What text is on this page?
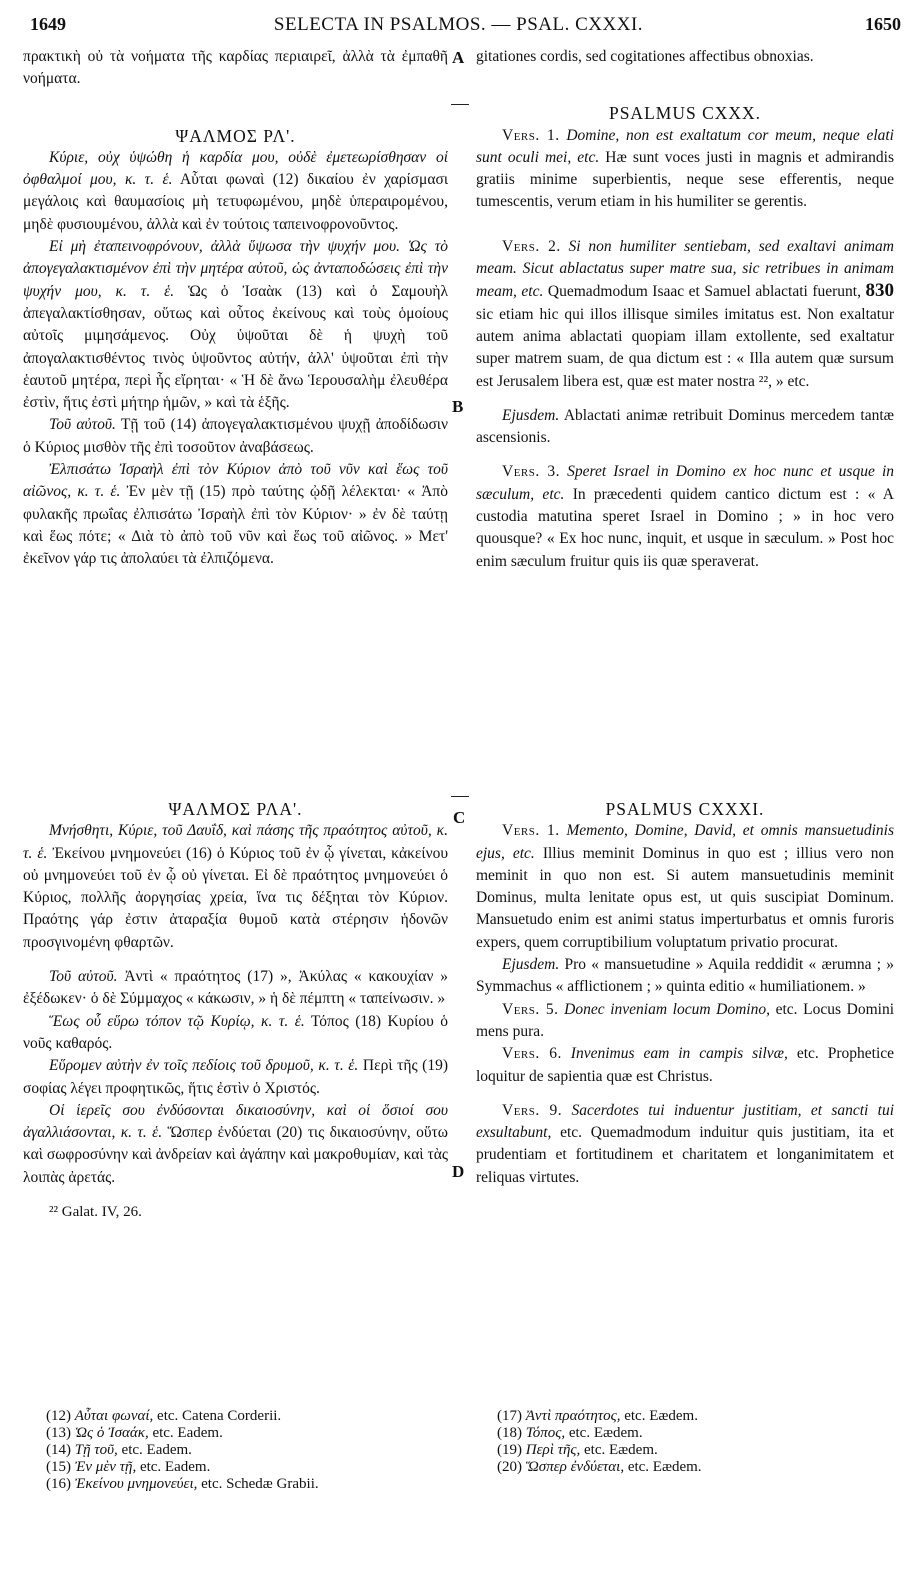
1649	SELECTA IN PSALMOS. — PSAL. CXXXI.	1650
A
B
C
D

πρακτικὴ οὐ τὰ νοήματα τῆς καρδίας περιαιρεῖ, ἀλλὰ τὰ ἐμπαθῆ νοήματα.

ΨΑΛΜΟΣ ΡΛ'.

Κύριε, οὐχ ὑψώθη ἡ καρδία μου, οὐδὲ ἐμετεωρίσθησαν οἱ ὀφθαλμοί μου, κ. τ. ἑ. Αὗται φωναὶ (12) δικαίου ἐν χαρίσμασι μεγάλοις καὶ θαυμασίοις μὴ τετυφωμένου, μηδὲ ὑπεραιρομένου, μηδὲ φυσιουμένου, ἀλλὰ καὶ ἐν τούτοις ταπεινοφρονοῦντος.

Εἰ μὴ ἐταπεινοφρόνουν, ἀλλὰ ὕψωσα τὴν ψυχήν μου. Ὡς τὸ ἀπογεγαλακτισμένον ἐπὶ τὴν μητέρα αὐτοῦ, ὡς ἀνταποδώσεις ἐπὶ τὴν ψυχήν μου, κ. τ. ἑ. Ὡς ὁ Ἰσαὰκ (13) καὶ ὁ Σαμουὴλ ἀπεγαλακτίσθησαν, οὕτως καὶ οὗτος ἐκείνους καὶ τοὺς ὁμοίους αὐτοῖς μιμησάμενος. Οὐχ ὑψοῦται δὲ ἡ ψυχὴ τοῦ ἀπογαλακτισθέντος τινὸς ὑψοῦντος αὐτήν, ἀλλ' ὑψοῦται ἐπὶ τὴν ἑαυτοῦ μητέρα, περὶ ἧς εἴρηται· « Ἡ δὲ ἄνω Ἱερουσαλὴμ ἐλευθέρα ἐστὶν, ἥτις ἐστὶ μήτηρ ἡμῶν, » καὶ τὰ ἑξῆς.

Τοῦ αὐτοῦ. Τῇ τοῦ (14) ἀπογεγαλακτισμένου ψυχῇ ἀποδίδωσιν ὁ Κύριος μισθὸν τῆς ἐπὶ τοσοῦτον ἀναβάσεως.

Ἐλπισάτω Ἰσραὴλ ἐπὶ τὸν Κύριον ἀπὸ τοῦ νῦν καὶ ἕως τοῦ αἰῶνος, κ. τ. ἑ. Ἐν μὲν τῇ (15) πρὸ ταύτης ᾠδῇ λέλεκται· « Ἀπὸ φυλακῆς πρωΐας ἐλπισάτω Ἰσραὴλ ἐπὶ τὸν Κύριον· » ἐν δὲ ταύτῃ καὶ ἕως πότε; « Διὰ τὸ ἀπὸ τοῦ νῦν καὶ ἕως τοῦ αἰῶνος. » Μετ' ἐκεῖνον γάρ τις ἀπολαύει τὰ ἐλπιζόμενα.

ΨΑΛΜΟΣ ΡΛΑ'.

Μνήσθητι, Κύριε, τοῦ Δαυΐδ, καὶ πάσης τῆς πραότητος αὐτοῦ, κ. τ. ἑ. Ἐκείνου μνημονεύει (16) ὁ Κύριος τοῦ ἐν ᾧ γίνεται, κἀκείνου οὐ μνημονεύει τοῦ ἐν ᾧ οὐ γίνεται. Εἰ δὲ πραότητος μνημονεύει ὁ Κύριος, πολλῆς ἀοργησίας χρεία, ἵνα τις δέξηται τὸν Κύριον. Πραότης γάρ ἐστιν ἀταραξία θυμοῦ κατὰ στέρησιν ἡδονῶν προσγινομένη φθαρτῶν.

Τοῦ αὐτοῦ. Ἀντὶ « πραότητος (17) », Ἀκύλας « κακουχίαν » ἐξέδωκεν· ὁ δὲ Σύμμαχος « κάκωσιν, » ἡ δὲ πέμπτη « ταπείνωσιν. »

Ἕως οὗ εὕρω τόπον τῷ Κυρίῳ, κ. τ. ἑ. Τόπος (18) Κυρίου ὁ νοῦς καθαρός.

Εὕρομεν αὐτὴν ἐν τοῖς πεδίοις τοῦ δρυμοῦ, κ. τ. ἑ. Περὶ τῆς (19) σοφίας λέγει προφητικῶς, ἥτις ἐστὶν ὁ Χριστός.

Οἱ ἱερεῖς σου ἐνδύσονται δικαιοσύνην, καὶ οἱ ὅσιοί σου ἀγαλλιάσονται, κ. τ. ἑ. Ὥσπερ ἐνδύεται (20) τις δικαιοσύνην, οὕτω καὶ σωφροσύνην καὶ ἀνδρείαν καὶ ἀγάπην καὶ μακροθυμίαν, καὶ τὰς λοιπὰς ἀρετάς.

²² Galat. IV, 26.

gitationes cordis, sed cogitationes affectibus obnoxias.

PSALMUS CXXX.

Vers. 1. Domine, non est exaltatum cor meum, neque elati sunt oculi mei, etc. Hæ sunt voces justi in magnis et admirandis gratiis minime superbientis, neque sese efferentis, neque tumescentis, verum etiam in his humiliter se gerentis.

Vers. 2. Si non humiliter sentiebam, sed exaltavi animam meam. Sicut ablactatus super matre sua, sic retribues in animam meam, etc. Quemadmodum Isaac et Samuel ablactati fuerunt, 830 sic etiam hic qui illos illisque similes imitatus est. Non exaltatur autem anima ablactati quopiam illam extollente, sed exaltatur super matrem suam, de qua dictum est : « Illa autem quæ sursum est Jerusalem libera est, quæ est mater nostra ²², » etc.

Ejusdem. Ablactati animæ retribuit Dominus mercedem tantæ ascensionis.

Vers. 3. Speret Israel in Domino ex hoc nunc et usque in sæculum, etc. In præcedenti quidem cantico dictum est : « A custodia matutina speret Israel in Domino ; » in hoc vero quousque? « Ex hoc nunc, inquit, et usque in sæculum. » Post hoc enim sæculum fruitur quis iis quæ speraverat.

PSALMUS CXXXI.

Vers. 1. Memento, Domine, David, et omnis mansuetudinis ejus, etc. Illius meminit Dominus in quo est ; illius vero non meminit in quo non est. Si autem mansuetudinis meminit Dominus, multa lenitate opus est, ut quis suscipiat Dominum. Mansuetudo enim est animi status imperturbatus et omnis furoris expers, quem corruptibilium voluptatum privatio procurat.

Ejusdem. Pro « mansuetudine » Aquila reddidit « ærumna ; » Symmachus « afflictionem ; » quinta editio « humiliationem. »

Vers. 5. Donec inveniam locum Domino, etc. Locus Domini mens pura.

Vers. 6. Invenimus eam in campis silvæ, etc. Prophetice loquitur de sapientia quæ est Christus.

Vers. 9. Sacerdotes tui induentur justitiam, et sancti tui exsultabunt, etc. Quemadmodum induitur quis justitiam, ita et prudentiam et fortitudinem et charitatem et longanimitatem et reliquas virtutes.

(12) Αὗται φωναί, etc. Catena Corderii.
(13) Ὡς ὁ Ἰσαάκ, etc. Eadem.
(14) Τῇ τοῦ, etc. Eadem.
(15) Ἐν μὲν τῇ, etc. Eadem.
(16) Ἐκείνου μνημονεύει, etc. Schedæ Grabii.
(17) Ἀντὶ πραότητος, etc. Eædem.
(18) Τόπος, etc. Eædem.
(19) Περὶ τῆς, etc. Eædem.
(20) Ὥσπερ ἐνδύεται, etc. Eædem.
